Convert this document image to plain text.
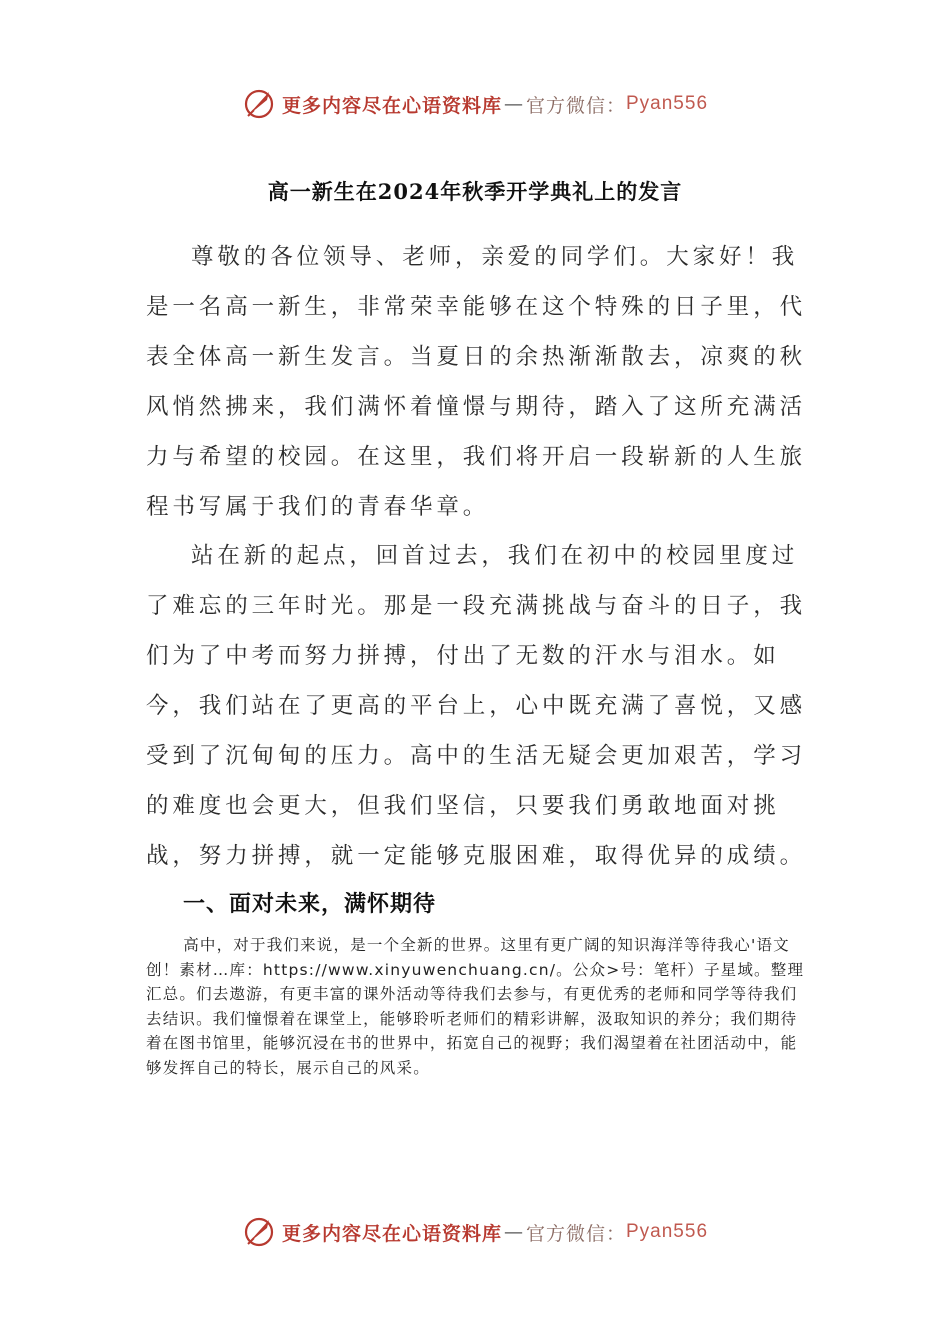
更多内容尽在心语资料库 — 官方微信： Pyan556
高一新生在2024年秋季开学典礼上的发言

尊敬的各位领导、老师，亲爱的同学们。大家好！我是一名高一新生，非常荣幸能够在这个特殊的日子里，代表全体高一新生发言。当夏日的余热渐渐散去，凉爽的秋风悄然拂来，我们满怀着憧憬与期待，踏入了这所充满活力与希望的校园。在这里，我们将开启一段崭新的人生旅程书写属于我们的青春华章。

站在新的起点，回首过去，我们在初中的校园里度过了难忘的三年时光。那是一段充满挑战与奋斗的日子，我们为了中考而努力拼搏，付出了无数的汗水与泪水。如今，我们站在了更高的平台上，心中既充满了喜悦，又感受到了沉甸甸的压力。高中的生活无疑会更加艰苦，学习的难度也会更大，但我们坚信，只要我们勇敢地面对挑战，努力拼搏，就一定能够克服困难，取得优异的成绩。

一、面对未来，满怀期待

高中，对于我们来说，是一个全新的世界。这里有更广阔的知识海洋等待我心'语文创！素材…库：https://www.xinyuwenchuang.cn/。公众>号：笔杆）子星域。整理汇总。们去遨游，有更丰富的课外活动等待我们去参与，有更优秀的老师和同学等待我们去结识。我们憧憬着在课堂上，能够聆听老师们的精彩讲解，汲取知识的养分；我们期待着在图书馆里，能够沉浸在书的世界中，拓宽自己的视野；我们渴望着在社团活动中，能够发挥自己的特长，展示自己的风采。

更多内容尽在心语资料库 — 官方微信： Pyan556
